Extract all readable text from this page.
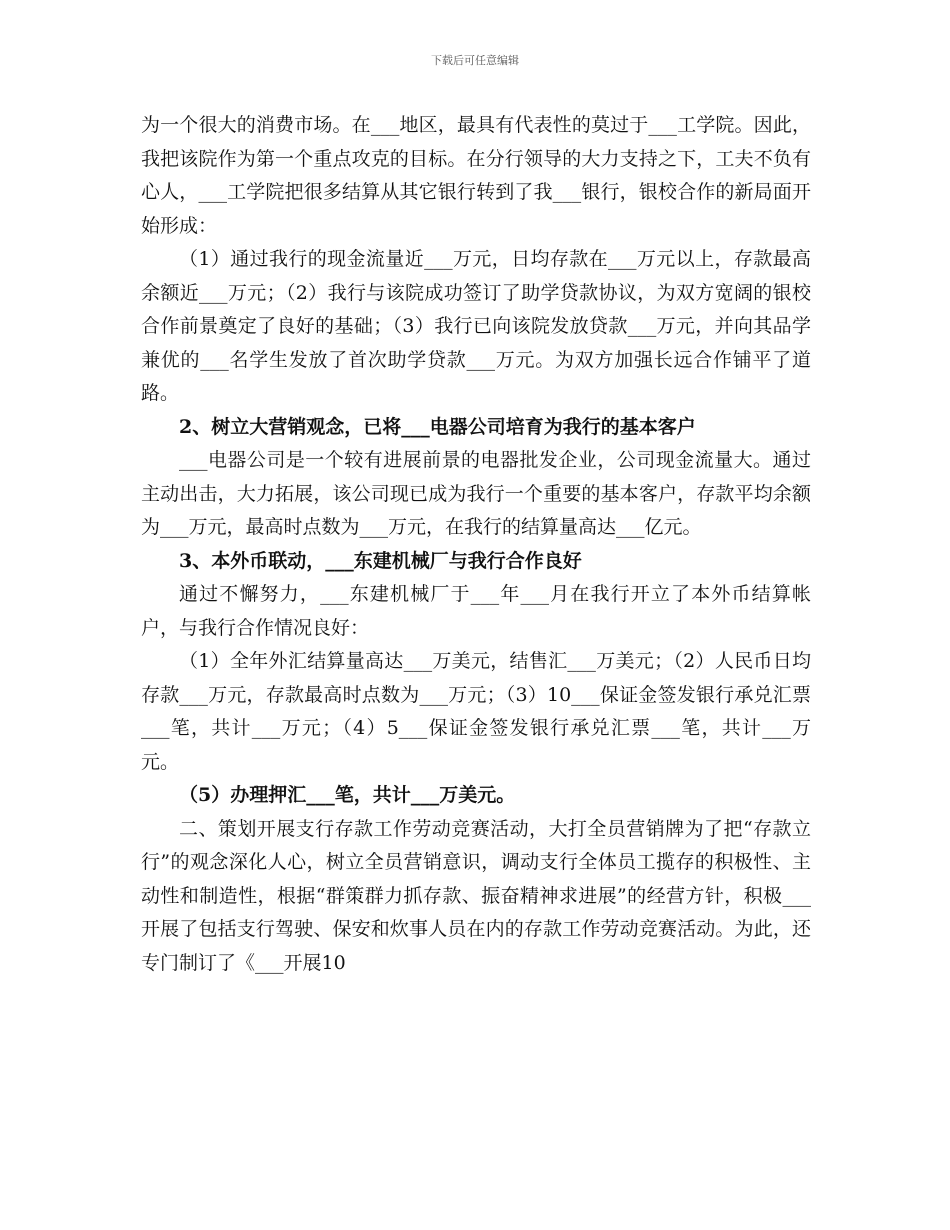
下载后可任意编辑

为一个很大的消费市场。在___地区，最具有代表性的莫过于___工学院。因此，我把该院作为第一个重点攻克的目标。在分行领导的大力支持之下，工夫不负有心人，___工学院把很多结算从其它银行转到了我___银行，银校合作的新局面开始形成：

（1）通过我行的现金流量近___万元，日均存款在___万元以上，存款最高余额近___万元；（2）我行与该院成功签订了助学贷款协议，为双方宽阔的银校合作前景奠定了良好的基础；（3）我行已向该院发放贷款___万元，并向其品学兼优的___名学生发放了首次助学贷款___万元。为双方加强长远合作铺平了道路。

2、树立大营销观念，已将___电器公司培育为我行的基本客户

___电器公司是一个较有进展前景的电器批发企业，公司现金流量大。通过主动出击，大力拓展，该公司现已成为我行一个重要的基本客户，存款平均余额为___万元，最高时点数为___万元，在我行的结算量高达___亿元。

3、本外币联动，___东建机械厂与我行合作良好

通过不懈努力，___东建机械厂于___年___月在我行开立了本外币结算帐户，与我行合作情况良好：

（1）全年外汇结算量高达___万美元，结售汇___万美元；（2）人民币日均存款___万元，存款最高时点数为___万元；（3）10___保证金签发银行承兑汇票___笔，共计___万元；（4）5___保证金签发银行承兑汇票___笔，共计___万元。

（5）办理押汇___笔，共计___万美元。

二、策划开展支行存款工作劳动竞赛活动，大打全员营销牌为了把“存款立行”的观念深化人心，树立全员营销意识，调动支行全体员工揽存的积极性、主动性和制造性，根据“群策群力抓存款、振奋精神求进展”的经营方针，积极___开展了包括支行驾驶、保安和炊事人员在内的存款工作劳动竞赛活动。为此，还专门制订了《___开展10
